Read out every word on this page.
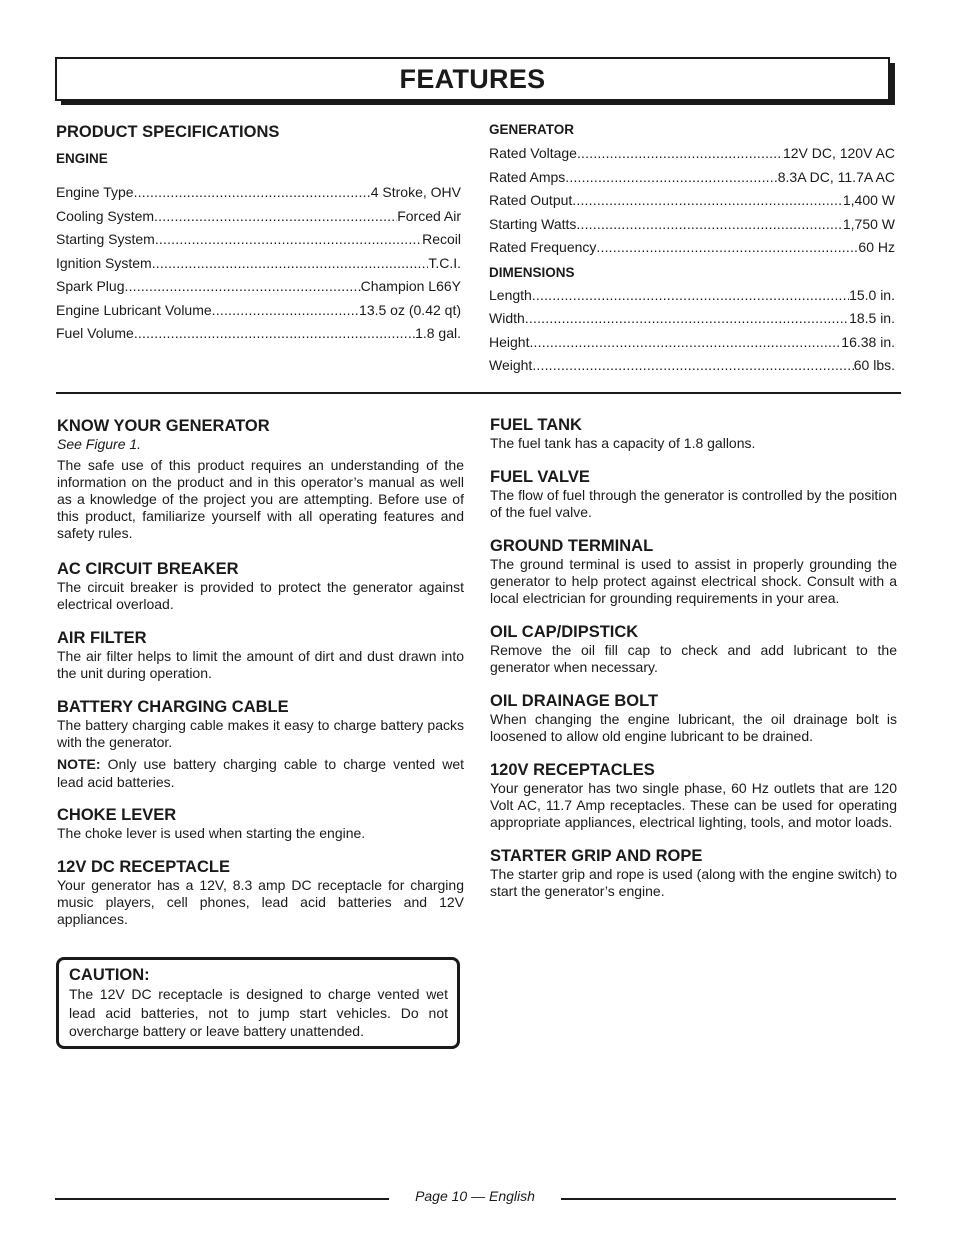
FEATURES
PRODUCT SPECIFICATIONS
ENGINE
Engine Type .....	4 Stroke, OHV
Cooling System .....	Forced Air
Starting System .....	Recoil
Ignition System .....	T.C.I.
Spark Plug .....	Champion L66Y
Engine Lubricant Volume .....	13.5 oz (0.42 qt)
Fuel Volume .....	1.8 gal.
GENERATOR
Rated Voltage .....	12V DC, 120V AC
Rated Amps .....	8.3A DC, 11.7A AC
Rated Output .....	1,400 W
Starting Watts .....	1,750 W
Rated Frequency .....	60 Hz
DIMENSIONS
Length .....	15.0 in.
Width .....	18.5 in.
Height .....	16.38 in.
Weight .....	60 lbs.
KNOW YOUR GENERATOR

See Figure 1.

The safe use of this product requires an understanding of the information on the product and in this operator’s manual as well as a knowledge of the project you are attempting. Before use of this product, familiarize yourself with all operating features and safety rules.

AC CIRCUIT BREAKER

The circuit breaker is provided to protect the generator against electrical overload.

AIR FILTER

The air filter helps to limit the amount of dirt and dust drawn into the unit during operation.

BATTERY CHARGING CABLE

The battery charging cable makes it easy to charge battery packs with the generator.

NOTE: Only use battery charging cable to charge vented wet lead acid batteries.

CHOKE LEVER

The choke lever is used when starting the engine.

12V DC RECEPTACLE

Your generator has a 12V, 8.3 amp DC receptacle for charging music players, cell phones, lead acid batteries and 12V appliances.

CAUTION:

The 12V DC receptacle is designed to charge vented wet lead acid batteries, not to jump start vehicles. Do not overcharge battery or leave battery unattended.

FUEL TANK

The fuel tank has a capacity of 1.8 gallons.

FUEL VALVE

The flow of fuel through the generator is controlled by the position of the fuel valve.

GROUND TERMINAL

The ground terminal is used to assist in properly grounding the generator to help protect against electrical shock. Consult with a local electrician for grounding requirements in your area.

OIL CAP/DIPSTICK

Remove the oil fill cap to check and add lubricant to the generator when necessary.

OIL DRAINAGE BOLT

When changing the engine lubricant, the oil drainage bolt is loosened to allow old engine lubricant to be drained.

120V RECEPTACLES

Your generator has two single phase, 60 Hz outlets that are 120 Volt AC, 11.7 Amp receptacles. These can be used for operating appropriate appliances, electrical lighting, tools, and motor loads.

STARTER GRIP AND ROPE

The starter grip and rope is used (along with the engine switch) to start the generator’s engine.

Page 10 — English
